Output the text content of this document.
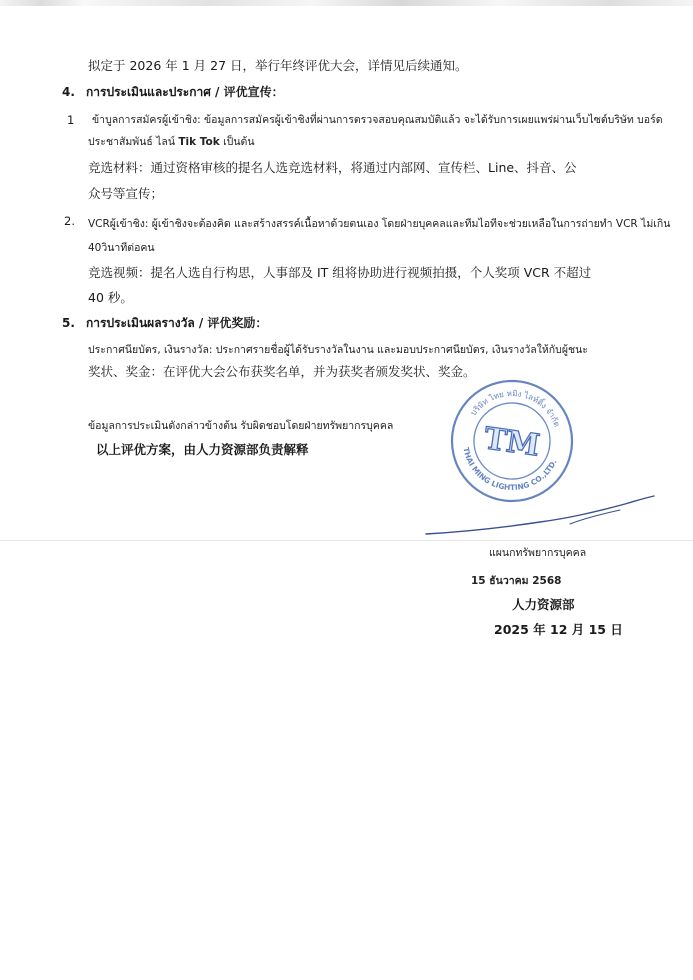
拟定于 2026 年 1 月 27 日，举行年终评优大会，详情见后续通知。
4. การประเมินและประกาศ / 评优宣传：
1 ข้าบูลการสมัครผู้เข้าชิง: ข้อมูลการสมัครผู้เข้าชิงที่ผ่านการตรวจสอบคุณสมบัติแล้ว จะได้รับการเผยแพร่ผ่านเว็บไซต์บริษัท บอร์ด
ประชาสัมพันธ์ ไลน์ Tik Tok เป็นต้น
竞选材料：通过资格审核的提名人选竞选材料，将通过内部网、宣传栏、Line、抖音、公
众号等宣传；
2. VCRผู้เข้าชิง: ผู้เข้าชิงจะต้องคิด และสร้างสรรค์เนื้อหาด้วยตนเอง โดยฝ่ายบุคคลและทีมไอทีจะช่วยเหลือในการถ่ายทำ VCR ไม่เกิน
40วินาทีต่อคน
竞选视频：提名人选自行构思，人事部及 IT 组将协助进行视频拍摄，个人奖项 VCR 不超过
40 秒。
5. การประเมินผลรางวัล / 评优奖励：
ประกาศนียบัตร, เงินรางวัล: ประกาศรายชื่อผู้ได้รับรางวัลในงาน และมอบประกาศนียบัตร, เงินรางวัลให้กับผู้ชนะ
奖状、奖金：在评优大会公布获奖名单，并为获奖者颁发奖状、奖金。
ข้อมูลการประเมินดังกล่าวข้างต้น รับผิดชอบโดยฝ่ายทรัพยากรบุคคล
以上评优方案，由人力资源部负责解释
บริษัท ไทย หมิง ไลท์ติ้ง จำกัด
THAI MING LIGHTING CO.,LTD.
TM
แผนกทรัพยากรบุคคล
15 ธันวาคม 2568
人力资源部
2025 年 12 月 15 日
